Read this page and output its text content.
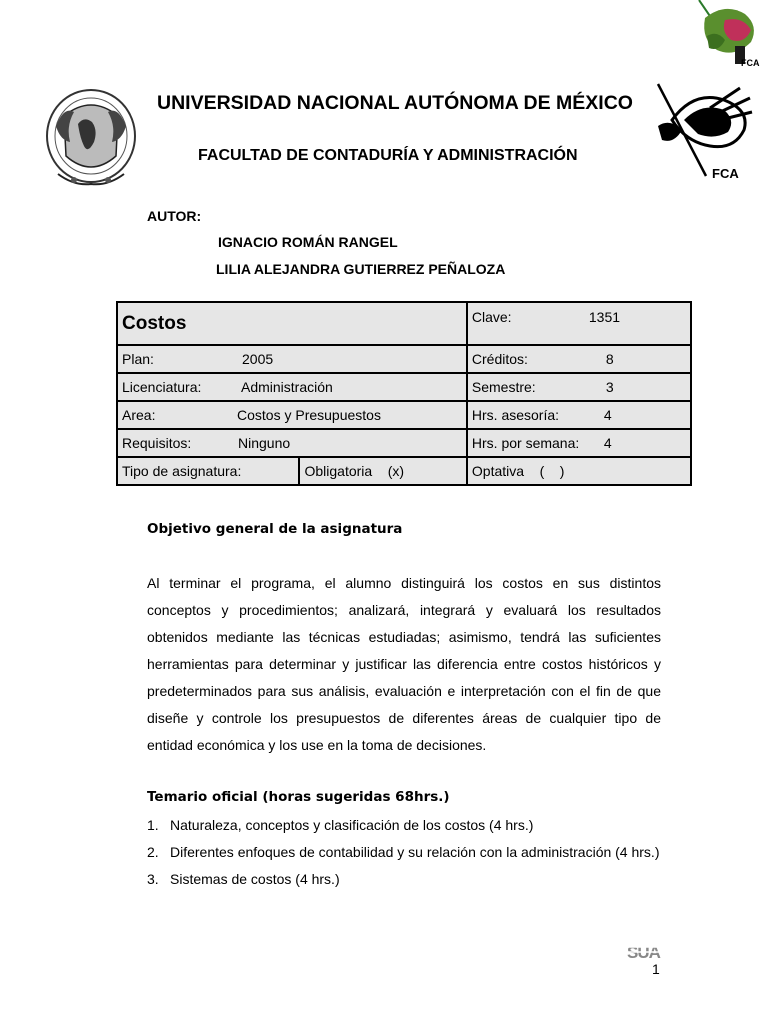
FCA
FCA
UNIVERSIDAD NACIONAL AUTÓNOMA DE MÉXICO
FACULTAD DE CONTADURÍA Y ADMINISTRACIÓN
AUTOR:
IGNACIO ROMÁN RANGEL
LILIA ALEJANDRA GUTIERREZ PEÑALOZA
Costos		Clave: 1351
Plan: 2005		Créditos: 8
Licenciatura: Administración		Semestre: 3
Area: Costos y Presupuestos		Hrs. asesoría: 4
Requisitos: Ninguno		Hrs. por semana: 4
Tipo de asignatura:	Obligatoria    (x)	Optativa    (    )
Objetivo general de la asignatura
Al terminar el programa, el alumno distinguirá los costos en sus distintos conceptos y procedimientos; analizará, integrará y evaluará los resultados obtenidos mediante las técnicas estudiadas; asimismo, tendrá las suficientes herramientas para determinar y justificar las diferencia entre costos históricos y predeterminados para sus análisis, evaluación e interpretación con el fin de que diseñe y controle los presupuestos de diferentes áreas de cualquier tipo de entidad económica y los use en la toma de decisiones.
Temario oficial (horas sugeridas 68hrs.)
1. Naturaleza, conceptos y clasificación de los costos (4 hrs.)
2. Diferentes enfoques de contabilidad y su relación con la administración (4 hrs.)
3. Sistemas de costos (4 hrs.)
SUA
1
